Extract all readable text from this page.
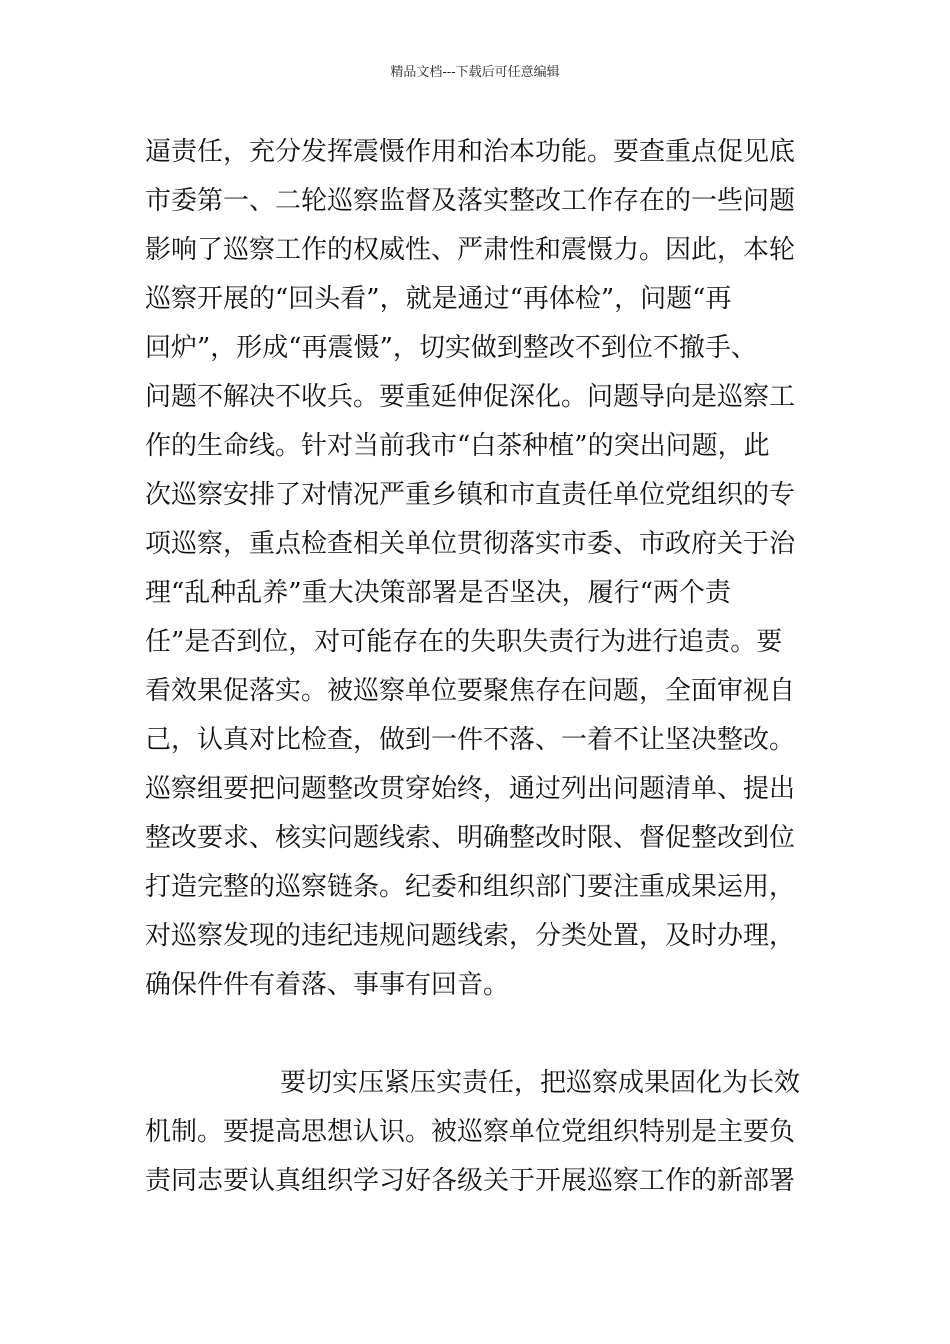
精品文档---下载后可任意编辑
逼责任，充分发挥震慑作用和治本功能。要查重点促见底
市委第一、二轮巡察监督及落实整改工作存在的一些问题
影响了巡察工作的权威性、严肃性和震慑力。因此，本轮
巡察开展的“回头看”，就是通过“再体检”，问题“再
回炉”，形成“再震慑”，切实做到整改不到位不撤手、
问题不解决不收兵。要重延伸促深化。问题导向是巡察工
作的生命线。针对当前我市“白茶种植”的突出问题，此
次巡察安排了对情况严重乡镇和市直责任单位党组织的专
项巡察，重点检查相关单位贯彻落实市委、市政府关于治
理“乱种乱养”重大决策部署是否坚决，履行“两个责
任”是否到位，对可能存在的失职失责行为进行追责。要
看效果促落实。被巡察单位要聚焦存在问题，全面审视自
己，认真对比检查，做到一件不落、一着不让坚决整改。
巡察组要把问题整改贯穿始终，通过列出问题清单、提出
整改要求、核实问题线索、明确整改时限、督促整改到位
打造完整的巡察链条。纪委和组织部门要注重成果运用，
对巡察发现的违纪违规问题线索，分类处置，及时办理，
确保件件有着落、事事有回音。
要切实压紧压实责任，把巡察成果固化为长效
机制。要提高思想认识。被巡察单位党组织特别是主要负
责同志要认真组织学习好各级关于开展巡察工作的新部署
